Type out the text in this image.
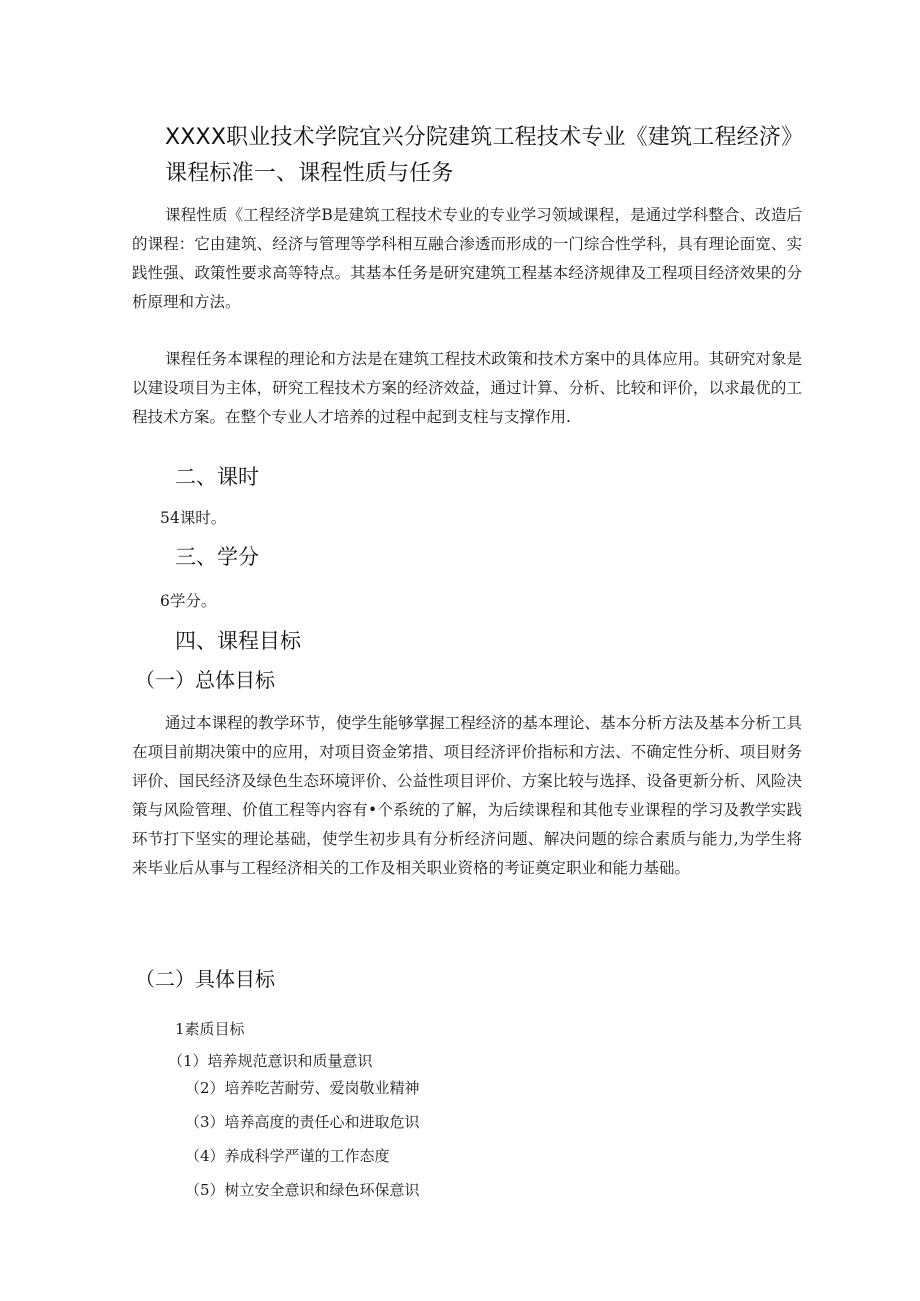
XXXX职业技术学院宜兴分院建筑工程技术专业《建筑工程经济》课程标准一、课程性质与任务
课程性质《工程经济学B是建筑工程技术专业的专业学习领域课程，是通过学科整合、改造后的课程：它由建筑、经济与管理等学科相互融合渗透而形成的一门综合性学科，具有理论面宽、实践性强、政策性要求高等特点。其基本任务是研究建筑工程基本经济规律及工程项目经济效果的分析原理和方法。
课程任务本课程的理论和方法是在建筑工程技术政策和技术方案中的具体应用。其研究对象是以建设项目为主体，研究工程技术方案的经济效益，通过计算、分析、比较和评价，以求最优的工程技术方案。在整个专业人才培养的过程中起到支柱与支撑作用.
二、课时
54课时。
三、学分
6学分。
四、课程目标
（一）总体目标
通过本课程的教学环节，使学生能够掌握工程经济的基本理论、基本分析方法及基本分析工具在项目前期决策中的应用，对项目资金笫措、项目经济评价指标和方法、不确定性分析、项目财务评价、国民经济及绿色生态环境评价、公益性项目评价、方案比较与选择、设备更新分析、风险决策与风险管理、价值工程等内容有•个系统的了解，为后续课程和其他专业课程的学习及教学实践环节打下坚实的理论基础，使学生初步具有分析经济问题、解决问题的综合素质与能力,为学生将来毕业后从事与工程经济相关的工作及相关职业资格的考证奠定职业和能力基础。
（二）具体目标
1素质目标
（1）培养规范意识和质量意识
（2）培养吃苦耐劳、爱岗敬业精神
（3）培养高度的责任心和进取危识
（4）养成科学严谨的工作态度
（5）树立安全意识和绿色环保意识
